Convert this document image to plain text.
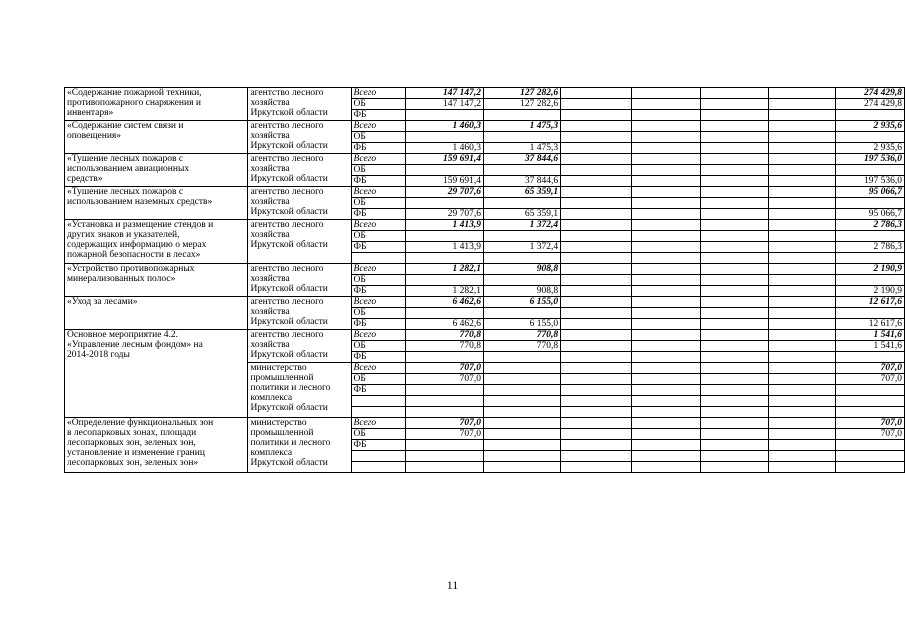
«Содержание пожарной техники,
противопожарного снаряжения и
инвентаря»	агентство лесного
хозяйства
Иркутской области	Всего	147 147,2	127 282,6					274 429,8
		ОБ	147 147,2	127 282,6					274 429,8
		ФБ							
«Содержание систем связи и
оповещения»	агентство лесного
хозяйства
Иркутской области	Всего	1 460,3	1 475,3					2 935,6
		ОБ							
		ФБ	1 460,3	1 475,3					2 935,6
«Тушение лесных пожаров с
использованием авиационных
средств»	агентство лесного
хозяйства
Иркутской области	Всего	159 691,4	37 844,6					197 536,0
		ОБ							
		ФБ	159 691,4	37 844,6					197 536,0
«Тушение лесных пожаров с
использованием наземных средств»	агентство лесного
хозяйства
Иркутской области	Всего	29 707,6	65 359,1					95 066,7
		ОБ							
		ФБ	29 707,6	65 359,1					95 066,7
«Установка и размещение стендов и
других знаков и указателей,
содержащих информацию о мерах
пожарной безопасности в лесах»	агентство лесного
хозяйства
Иркутской области	Всего	1 413,9	1 372,4					2 786,3
		ОБ							
		ФБ	1 413,9	1 372,4					2 786,3

«Устройство противопожарных
минерализованных полос»	агентство лесного
хозяйства
Иркутской области	Всего	1 282,1	908,8					2 190,9
		ОБ							
		ФБ	1 282,1	908,8					2 190,9
«Уход за лесами»	агентство лесного
хозяйства
Иркутской области	Всего	6 462,6	6 155,0					12 617,6
		ОБ							
		ФБ	6 462,6	6 155,0					12 617,6
Основное мероприятие 4.2.
«Управление лесным фондом» на
2014-2018 годы	агентство лесного
хозяйства
Иркутской области	Всего	770,8	770,8					1 541,6
		ОБ	770,8	770,8					1 541,6
		ФБ							
	министерство
промышленной
политики и лесного
комплекса
Иркутской области	Всего	707,0						707,0
		ОБ	707,0						707,0
		ФБ							

«Определение функциональных зон
в лесопарковых зонах, площади
лесопарковых зон, зеленых зон,
установление и изменение границ
лесопарковых зон, зеленых зон»	министерство
промышленной
политики и лесного
комплекса
Иркутской области	Всего	707,0						707,0
		ОБ	707,0						707,0
		ФБ							

11
